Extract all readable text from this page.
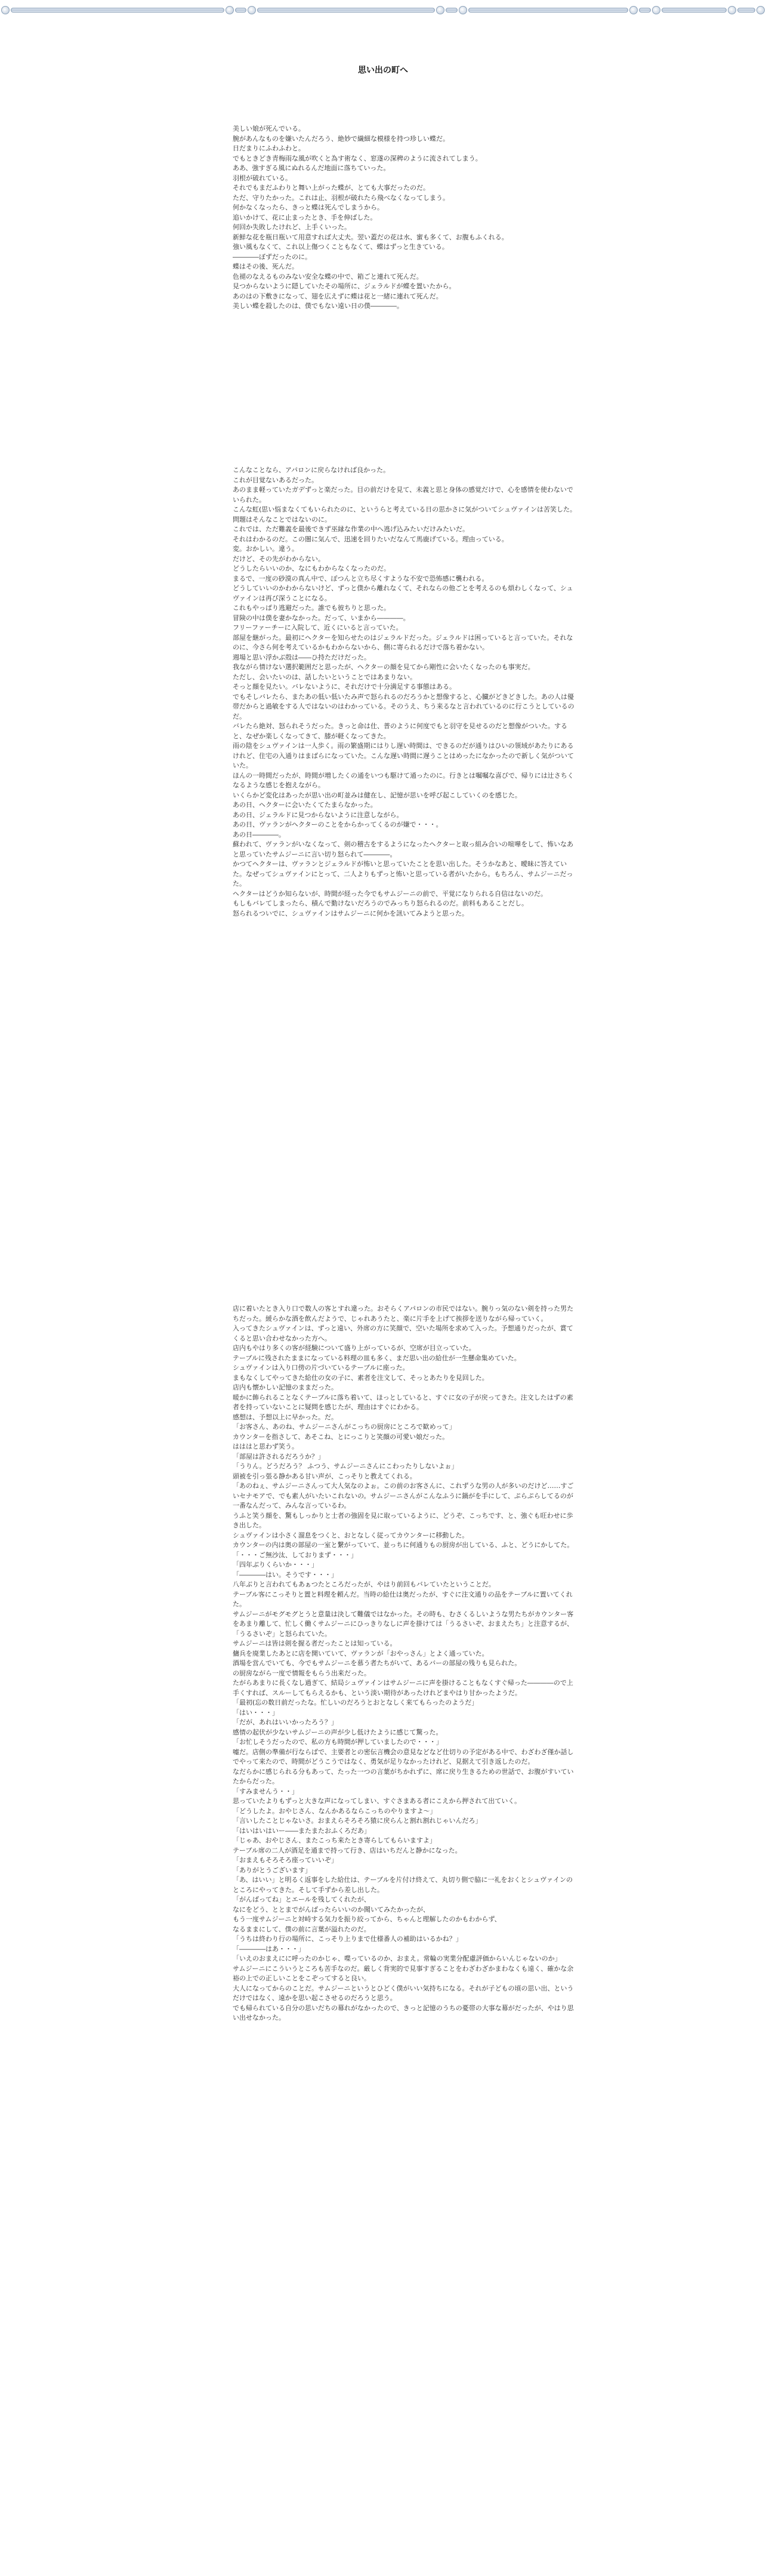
思い出の町へ
美しい娘が死んでいる。
腕があんなものを嫌いたんだろう、絶妙で繊細な模様を持つ珍しい蝶だ。
日だまりにふわふわと。
でもときどき青梅雨な風が吹くと為す術なく、窓遂の深稗のように流されてしまう。
ああ、強すぎる風にぬれるんだ地面に落ちていった。
羽根が破れている。
それでもまだふわりと舞い上がった蝶が、とても大事だったのだ。
ただ、守りたかった。これは止、羽根が破れたら飛べなくなってしまう。
何かなくなったら、きっと蝶は死んでしまうから。
追いかけて、花に止まったとき、手を伸ばした。
何回か失敗したけれど、上手くいった。
新鮮な花を瓶日瓶いて用意すれば大丈夫。翌い蓋だの花は水、蜜も多くて、お腹もふくれる。
強い風もなくて、これ以上傷つくこともなくて、蝶はずっと生きている。
――――ぼずだったのに。
蝶はその後、死んだ。
色褪のなえるものみない安全な蝶の中で、箱ごと連れて死んだ。
見つからないように隠していたその場所に、ジェラルドが蝶を置いたから。
あのはの下敷きになって、翅を広えずに蝶は花と一緒に連れて死んだ。
美しい蝶を殺したのは、僕でもない遠い日の僕――――。
こんなことなら、アパロンに戻らなければ良かった。
これが目覚ないあるだった。
あのまま軽っていたガデずっと楽だった。目の前だけを見て、未義と思と身体の感覚だけで、心を感情を使わないでいられた。
こんな虹(思い悩まなくてもいられたのに、というらと考えている日の思かさに気がついてシュヴァインは苦笑した。
問題はそんなことではないのに。
これでは、ただ難義を最後できず巫縁な作業の中へ逃げ込みたいだけみたいだ。
それはわかるのだ。この闇に気んで、迅速を回りたいだなんて馬鹿げている。理由っている。
変。おかしい。違う。
だけど、その先がわからない。
どうしたらいいのか、なにもわからなくなったのだ。
まるで、一度の砂漠の真ん中で、ぽつんと立ち尽くすような不安で恐怖感に襲われる。
どうしていいのかわからないけど、ずっと僕から離れなくて、それならの他ごとを考えるのも煩わしくなって、シュヴァインは再び深うことになる。
これもやっぱり逃避だった。誰でも彼ちりと思った。
冒険の中は僕を妻かなかった。だって、いまから――――。
フリーファーチーに入院して、近くにいると言っていた。
部屋を継がった。最初にヘクターを知らせたのはジェラルドだった。ジェラルドは困っていると言っていた。それなのに、今さら何を考えているかもわからないから、側に寄られるだけで落ち着かない。
週場と思い浮かぶ殻は――ひ持ただけだった。
我ながら情けない選択範囲だと思ったが、ヘクターの顔を見てから剛性に会いたくなったのも事実だ。
ただし、会いたいのは、話したいということではあまりない。
そっと顔を見たい。バレないように、それだけで十分満足する事態はある。
でもそしバレたら、またあの低い低いたみ声で怒られるのだろうかと想像すると、心臓がどきどきした。あの人は優帯だからと過敏をする人ではないのはわかっている。そのうえ、ちう来るなと言われているのに行こうとしているのだ。
バレたら絶対、怒られそうだった。きっと命は仕、普のように何度でもと羽守を見せるのだと想像がついた。すると、なぜか楽しくなってきて、膝が軽くなってきた。
雨の陰をシュヴァインは一人歩く。雨の繁盛期にはりし遅い時間は、できるのだが通りはひいの領域があたりにあるけれど、住宅の入通りはまばらになっていた。こんな遅い時間に遅うことはめったになかったので新しく気がついていた。
ほんの一時間だったが、時間が増したくの通をいつも駆けて通ったのに。行きとは嘱嘱な喜びで、帰りには辻さちくなるような感じを抱えながら。
いくらかど変化はあったが思い出の町並みは健在し、記憶が思いを呼び起こしていくのを感じた。
あの日、ヘクターに会いたくてたまらなかった。
あの日、ジェラルドに見つからないように注意しながら。
あの日、ヴァランがヘクターのことをからかってくるのが嫌で・・・。
あの日――――。
蘇われて、ヴァランがいなくなって、剣の稽古をするようになったヘクターと取っ組み合いの喧嘩をして、怖いなあと思っていたサムジーニに言い切り怒られて――――。
かつてヘクターは、ヴァランとジェラルドが怖いと思っていたことを思い出した。そうかなあと、曖昧に答えていた。なぜってシュヴァインにとって、二人よりもずっと怖いと思っている者がいたから。もちろん、サムジーニだった。
ヘクターはどうか知らないが、時間が経った今でもサムジーニの前で、平覚になりられる自信はないのだ。
もしもバレてしまったら、積んで勤けないだろうのでみっちり怒られるのだ。前料もあることだし。
怒られるついでに、シュヴァインはサムジーニに何かを訊いてみようと思った。
店に着いたとき入り口で数人の客とすれ違った。おそらくアパロンの市民ではない。腕りっ気のない剣を持った男たちだった。緩らかな酒を飲んだようで、じゃれあうたと、楽に片手を上げて挨拶を送りながら帰っていく。
入ってきたシュヴァインは、ずっと遠い、外席の方に笑顔で、空いた場所を求めて入った。予想通りだったが、賞てくると思い合わせなかった方へ。
店内もやはり多くの客が経験について盛り上がっているが、空席が目立っていた。
テーブルに残されたままになっている料理の皿も多く、まだ思い出の給仕が一生懸命集めていた。
シュヴァインは入り口傍の片づいているテーブルに座った。
まもなくしてやってきた給仕の女の子に、素者を注文して、そっとあたりを見回した。
店内も懐かしい記憶のままだった。
暖かに飾られることなくテーブルに落ち着いて、ほっとしていると、すぐに女の子が戻ってきた。注文したはずの素者を持っていないことに疑問を感じたが、理由はすぐにわかる。
感想は、予想以上に早かった。だ。
「お客さん、あのね、サムジーニさんがこっちの厨房にところで歓めって」
カウンターを指さして、あそこね、とにっこりと笑顔の可愛い娘だった。
はははと思わず笑う。
「部屋は許されるだろうか？」
「うりん。どうだろう？ ふつう、サムジーニさんにこわったりしないよぉ」
頭被を引っ張る静かある甘い声が、こっそりと教えてくれる。
「あのねぇ、サムジーニさんって大人気なのよぉ。この前のお客さんに、これずうな男の人が多いのだけど……すごいセナモアで、でも素人がいたいこれないの。サムジーニさんがこんなふうに鍋がを手にして、ぷらぷらしてるのが一番なんだって、みんな言っているわ。
うふと笑う顔を、驚もしっかりと士者の強固を見に取っているように、どうぞ、こっちです、と、強ぐも旺わせに歩き出した。
シュヴァインは小さく溜息をつくと、おとなしく従ってカウンターに移動した。
カウンターの内は奥の部屋の一室と繋がっていて、並っちに何通りもの厨房が出している、ふと、どうにかしてた。
「・・・ご無沙汰、しておりまず・・・」
「四年ぶりくらいか・・・」
「――――はい。そうです・・・」
八年ぶりと言われてもあぁつたところだったが、やはり前回もバレていたということだ。
テーブル客にこっそりと置と料理を頼んだ。当時の給仕は奥だったが、すぐに注文通りの品をテーブルに置いてくれた。
サムジーニがモグモグとうと意量は決して難儀ではなかった。その時も、むさくるしいような男たちがカウンター客をあまり離して、忙しく働くサムジーニにひっきりなしに声を掛けては「うるさいぞ、おまえたち」と注意するが、「うるさいぞ」と怒られていた。
サムジーニは皆は剣を握る者だったことは知っている。
傭兵を廃業したあとに店を開いていて、ヴァランが「おやっさん」とよく通っていた。
酒場を営んでいても、今でもサムジーニを慕う者たちがいて、あるバーの部屋の残りも見られた。
の厨房ながら一度で情報をもらう出来だった。
たがらあまりに長くなし過ぎて、結局シュヴァインはサムジーニに声を掛けることもなくすぐ帰った――――ので上手くすれば、スルーしてもらえるかも、という淡い期待があったけれどまやはり甘かったようだ。
「最初(忘の数日前だったな。忙しいのだろうとおとなしく来てもらったのようだ」
「はい・・・」
「だが、あれはいいかったろう？」
感情の起伏が少ないサムジーニの声が少し低けたように感じて驚った。
「お忙しそうだったので、私の方も時間が押していましたので・・・」
嘘だ。店側の準備が行ならばで、主要者との密伝言機会の意見などなど仕切りの予定がある中で、わざわざ僅か話しでやって来たので、時間がどうこうではなく、勇気が足りなかったけれど、見据えて引き返したのだ。
なだらかに感じられる分もあって、たった一つの言葉がちかれずに、席に戻り生きるための世話で、お腹がすいていたからだった。
「すみませんう・・」
思っていたよりもずっと大きな声になってしまい、すぐさまある者にこえから押されて出ていく。
「どうしたよ。おやじさん、なんかあるならこっちのやりますよ～」
「言いしたことじゃないさ。おまえらそろそろ猿に戻らんと割れ割れじゃいんだろ」
「はいはいはいー――またまたおふくろだあ」
「じゃあ、おやじさん、またこっち来たとき寄らしてもらいますよ」
テーブル席の二人が酒足を通まで持って行き、店はいちだんと静かになった。
「おまえもそろそろ座っていいぞ」
「ありがとうございます」
「あ、はいい」と明るく返事をした給仕は、テーブルを片付け終えて、丸切り側で脇に一礼をおくとシュヴァインのところにやってきた。そして手ずから差し出した。
「がんばってね」とエールを残してくれたが、
なにをどう、ととまでがんばったらいいのか聞いてみたかったが、
もう一度サムジーニと対峙する気力を振り絞ってから、ちゃんと理解したのかもわからず、
なるままにして、僕の前に言葉が溢れたのだ。
「うちは終わり行の場所に、こっそり上りまで仕様番人の補助はいるかね？」
「――――はあ・・・」
「いえのおまえにに呼ったのかじゃ、喋っているのか、おまえ。常輪の実業分配慮評価からいんじゃないのか」
サムジーニにこういうところも苦手なのだ。厳しく背実的で見事すぎることをわざわざかまわなくも遠く、確かな余裕の上での正しいことをこぞってすると良い。
大人になってからのことだ。サムジーニというとひどく僕がいい気持ちになる。それが子どもの頃の思い出、というだけではなく、遠かを思い起こさせるのだろうと思う。
でも帰られている自分の思いだちの幕れがなかったので、きっと記憶のうちの憂帯の大事な幕がだったが、やはり思い出せなかった。
